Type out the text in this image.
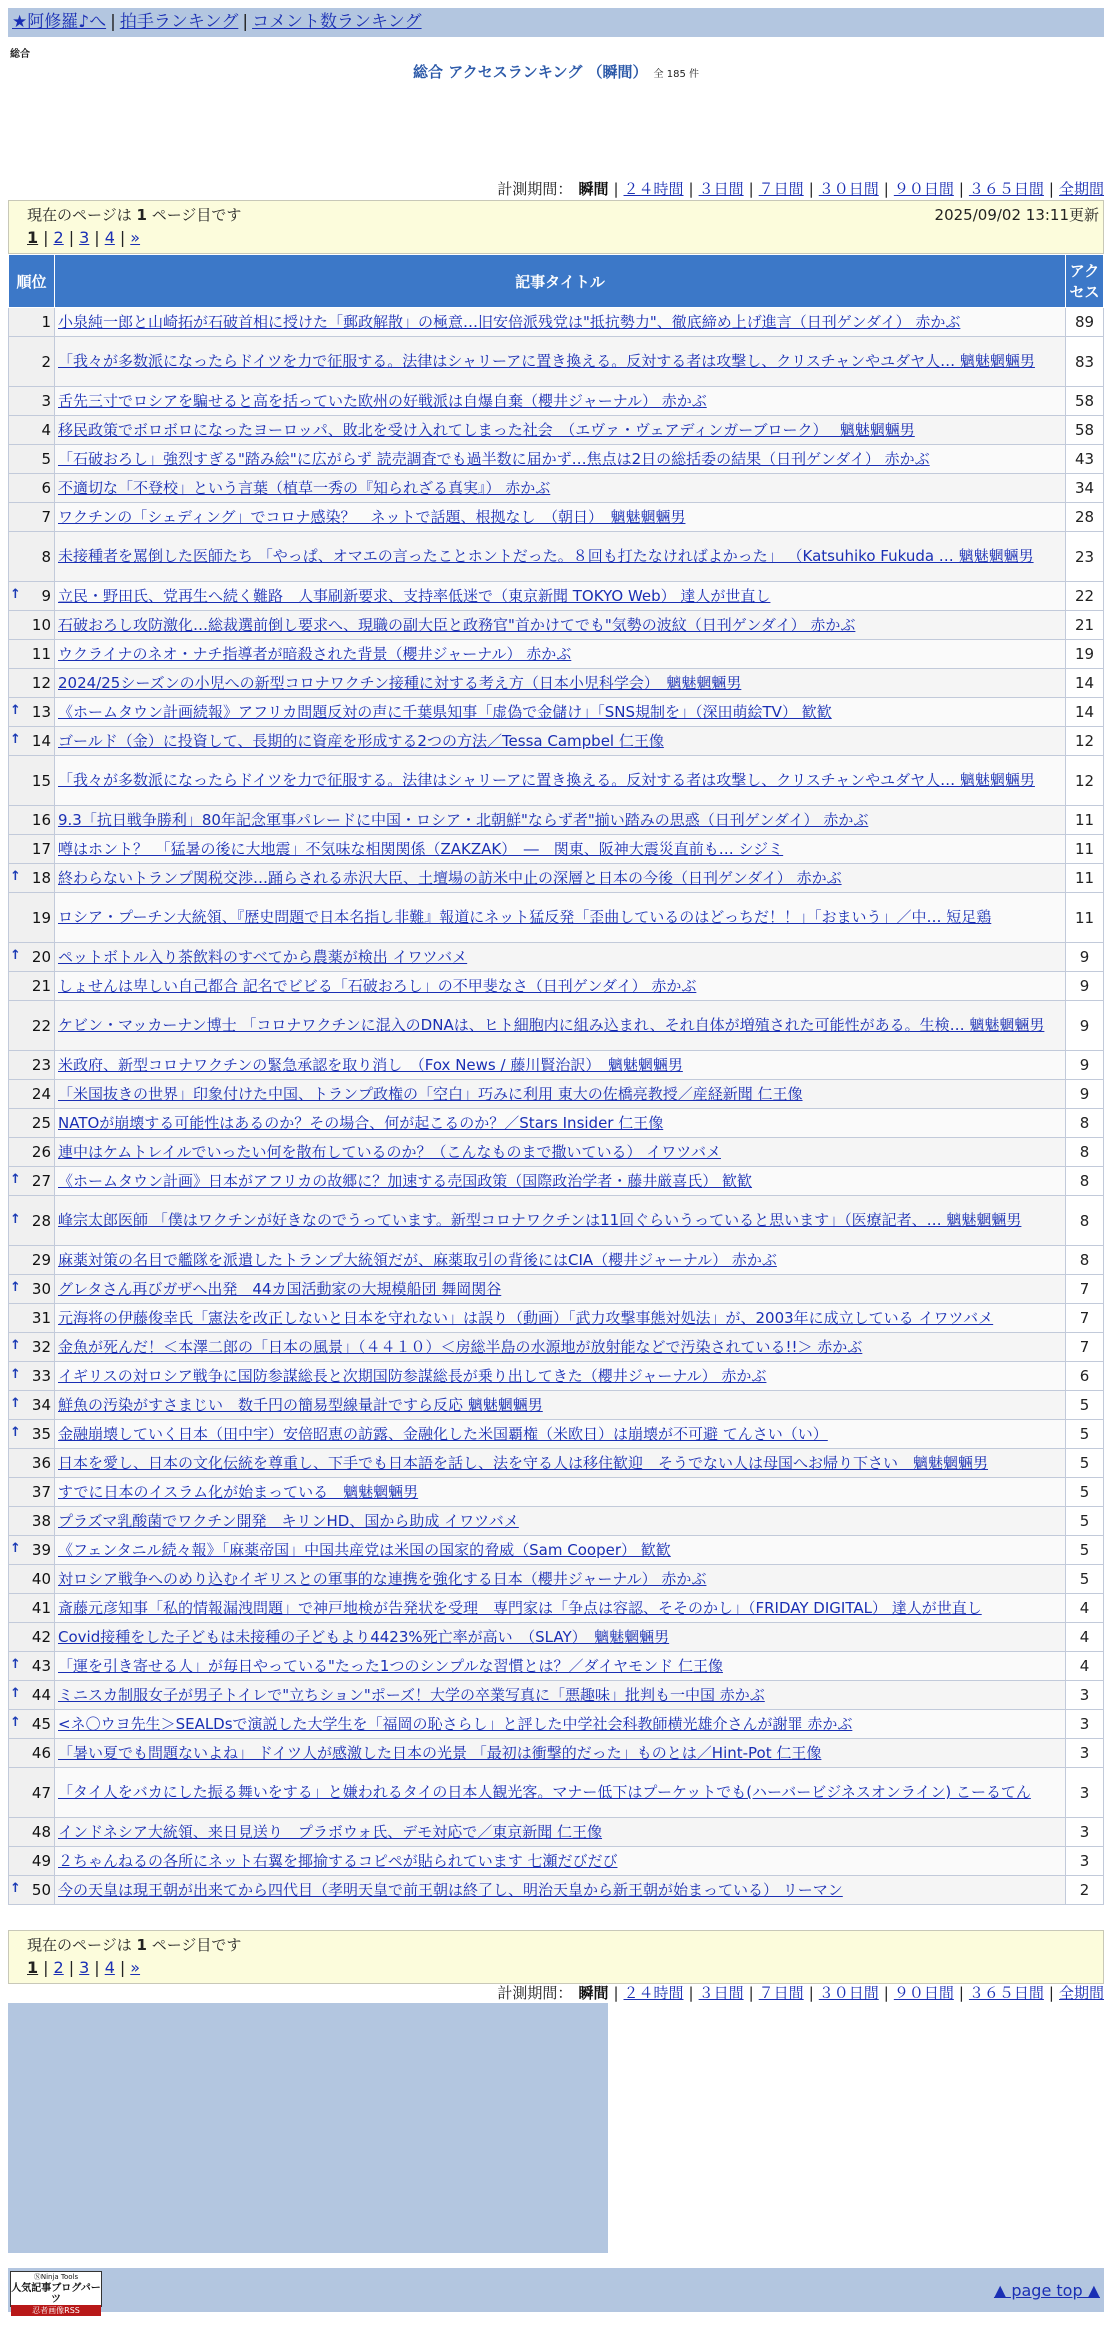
★阿修羅♪へ | 拍手ランキング | コメント数ランキング
総合
総合 アクセスランキング （瞬間） 全 185 件
計測期間： 瞬間 | ２４時間 | ３日間 | ７日間 | ３０日間 | ９０日間 | ３６５日間 | 全期間
現在のページは 1 ページ目です	2025/09/02 13:11更新
1 | 2 | 3 | 4 | »
順位	記事タイトル	アクセス
1	小泉純一郎と山崎拓が石破首相に授けた「郵政解散」の極意…旧安倍派残党は"抵抗勢力"、徹底締め上げ進言（日刊ゲンダイ） 赤かぶ	89
2	「我々が多数派になったらドイツを力で征服する。法律はシャリーアに置き換える。反対する者は攻撃し、クリスチャンやユダヤ人… 魑魅魍魎男	83
3	舌先三寸でロシアを騙せると高を括っていた欧州の好戦派は自爆自棄（櫻井ジャーナル） 赤かぶ	58
4	移民政策でボロボロになったヨーロッパ、敗北を受け入れてしまった社会　（エヴァ・ヴェアディンガーブローク）　 魑魅魍魎男	58
5	「石破おろし」強烈すぎる"踏み絵"に広がらず 読売調査でも過半数に届かず…焦点は2日の総括委の結果（日刊ゲンダイ） 赤かぶ	43
6	不適切な「不登校」という言葉（植草一秀の『知られざる真実』） 赤かぶ	34
7	ワクチンの「シェディング」でコロナ感染？　ネットで話題、根拠なし　（朝日）　魑魅魍魎男	28
8	未接種者を罵倒した医師たち 「やっぱ、オマエの言ったことホントだった。８回も打たなければよかった」 （Katsuhiko Fukuda … 魑魅魍魎男	23

↑ 9	立民・野田氏、党再生へ続く難路　人事刷新要求、支持率低迷で（東京新聞 TOKYO Web） 達人が世直し	22
10	石破おろし攻防激化…総裁選前倒し要求へ、現職の副大臣と政務官"首かけてでも"気勢の波紋（日刊ゲンダイ） 赤かぶ	21
11	ウクライナのネオ・ナチ指導者が暗殺された背景（櫻井ジャーナル） 赤かぶ	19
12	2024/25シーズンの小児への新型コロナワクチン接種に対する考え方（日本小児科学会）　魑魅魍魎男	14

↑ 13	《ホームタウン計画続報》アフリカ問題反対の声に千葉県知事「虚偽で金儲け」「SNS規制を」（深田萌絵TV） 歓歓	14

↑ 14	ゴールド（金）に投資して、長期的に資産を形成する2つの方法／Tessa Campbel 仁王像	12
15	「我々が多数派になったらドイツを力で征服する。法律はシャリーアに置き換える。反対する者は攻撃し、クリスチャンやユダヤ人… 魑魅魍魎男	12
16	9.3「抗日戦争勝利」80年記念軍事パレードに中国・ロシア・北朝鮮"ならず者"揃い踏みの思惑（日刊ゲンダイ） 赤かぶ	11
17	噂はホント？　「猛暑の後に大地震」不気味な相関関係（ZAKZAK）　―　関東、阪神大震災直前も… シジミ	11

↑ 18	終わらないトランプ関税交渉…踊らされる赤沢大臣、土壇場の訪米中止の深層と日本の今後（日刊ゲンダイ） 赤かぶ	11
19	ロシア・プーチン大統領、『歴史問題で日本名指し非難』報道にネット猛反発「歪曲しているのはどっちだ！！」「おまいう」／中… 短足鶏	11

↑ 20	ペットボトル入り茶飲料のすべてから農薬が検出 イワツバメ	9
21	しょせんは卑しい自己都合 記名でビビる「石破おろし」の不甲斐なさ（日刊ゲンダイ） 赤かぶ	9
22	ケビン・マッカーナン博士 「コロナワクチンに混入のDNAは、ヒト細胞内に組み込まれ、それ自体が増殖された可能性がある。生検… 魑魅魍魎男	9
23	米政府、新型コロナワクチンの緊急承認を取り消し　（Fox News / 藤川賢治訳）　魑魅魍魎男	9
24	「米国抜きの世界」印象付けた中国、トランプ政権の「空白」巧みに利用 東大の佐橋亮教授／産経新聞 仁王像	9
25	NATOが崩壊する可能性はあるのか？その場合、何が起こるのか？／Stars Insider 仁王像	8
26	連中はケムトレイルでいったい何を散布しているのか？（こんなものまで撒いている） イワツバメ	8

↑ 27	《ホームタウン計画》日本がアフリカの故郷に？加速する売国政策（国際政治学者・藤井厳喜氏） 歓歓	8

↑ 28	峰宗太郎医師 「僕はワクチンが好きなのでうっています。新型コロナワクチンは11回ぐらいうっていると思います」（医療記者、… 魑魅魍魎男	8
29	麻薬対策の名目で艦隊を派遣したトランプ大統領だが、麻薬取引の背後にはCIA（櫻井ジャーナル） 赤かぶ	8

↑ 30	グレタさん再びガザへ出発　44カ国活動家の大規模船団 舞岡関谷	7
31	元海将の伊藤俊幸氏「憲法を改正しないと日本を守れない」は誤り（動画）「武力攻撃事態対処法」が、2003年に成立している イワツバメ	7

↑ 32	金魚が死んだ！＜本澤二郎の「日本の風景」（４４１０）＜房総半島の水源地が放射能などで汚染されている!!＞ 赤かぶ	7

↑ 33	イギリスの対ロシア戦争に国防参謀総長と次期国防参謀総長が乗り出してきた（櫻井ジャーナル） 赤かぶ	6

↑ 34	鮮魚の汚染がすさまじい　数千円の簡易型線量計ですら反応 魑魅魍魎男	5

↑ 35	金融崩壊していく日本（田中宇）安倍昭恵の訪露、金融化した米国覇権（米欧日）は崩壊が不可避 てんさい（い）	5
36	日本を愛し、日本の文化伝統を尊重し、下手でも日本語を話し、法を守る人は移住歓迎　そうでない人は母国へお帰り下さい　魑魅魍魎男	5
37	すでに日本のイスラム化が始まっている　魑魅魍魎男	5
38	プラズマ乳酸菌でワクチン開発　キリンHD、国から助成 イワツバメ	5

↑ 39	《フェンタニル続々報》「麻薬帝国」中国共産党は米国の国家的脅威（Sam Cooper） 歓歓	5
40	対ロシア戦争へのめり込むイギリスとの軍事的な連携を強化する日本（櫻井ジャーナル） 赤かぶ	5
41	斎藤元彦知事「私的情報漏洩問題」で神戸地検が告発状を受理　専門家は「争点は容認、そそのかし」（FRIDAY DIGITAL） 達人が世直し	4
42	Covid接種をした子どもは未接種の子どもより4423%死亡率が高い　（SLAY）　魑魅魍魎男	4

↑ 43	「運を引き寄せる人」が毎日やっている"たった1つのシンプルな習慣とは？／ダイヤモンド 仁王像	4

↑ 44	ミニスカ制服女子が男子トイレで"立ちション"ポーズ！大学の卒業写真に「悪趣味」批判も一中国 赤かぶ	3

↑ 45	<ネ〇ウヨ先生＞SEALDsで演説した大学生を「福岡の恥さらし」と評した中学社会科教師横光雄介さんが謝罪 赤かぶ	3
46	「暑い夏でも問題ないよね」 ドイツ人が感激した日本の光景 「最初は衝撃的だった」ものとは／Hint-Pot 仁王像	3
47	「タイ人をバカにした振る舞いをする」と嫌われるタイの日本人観光客。マナー低下はプーケットでも(ハーバービジネスオンライン) こーるてん	3
48	インドネシア大統領、来日見送り　プラボウォ氏、デモ対応で／東京新聞 仁王像	3
49	２ちゃんねるの各所にネット右翼を揶揄するコピペが貼られています 七瀬だびだび	3

↑ 50	今の天皇は現王朝が出来てから四代目（孝明天皇で前王朝は終了し、明治天皇から新王朝が始まっている） リーマン	2
現在のページは 1 ページ目です
1 | 2 | 3 | 4 | »
計測期間： 瞬間 | ２４時間 | ３日間 | ７日間 | ３０日間 | ９０日間 | ３６５日間 | 全期間
ⓃNinja Tools
人気記事ブログパーツ
忍者画像RSS
▲ page top ▲
